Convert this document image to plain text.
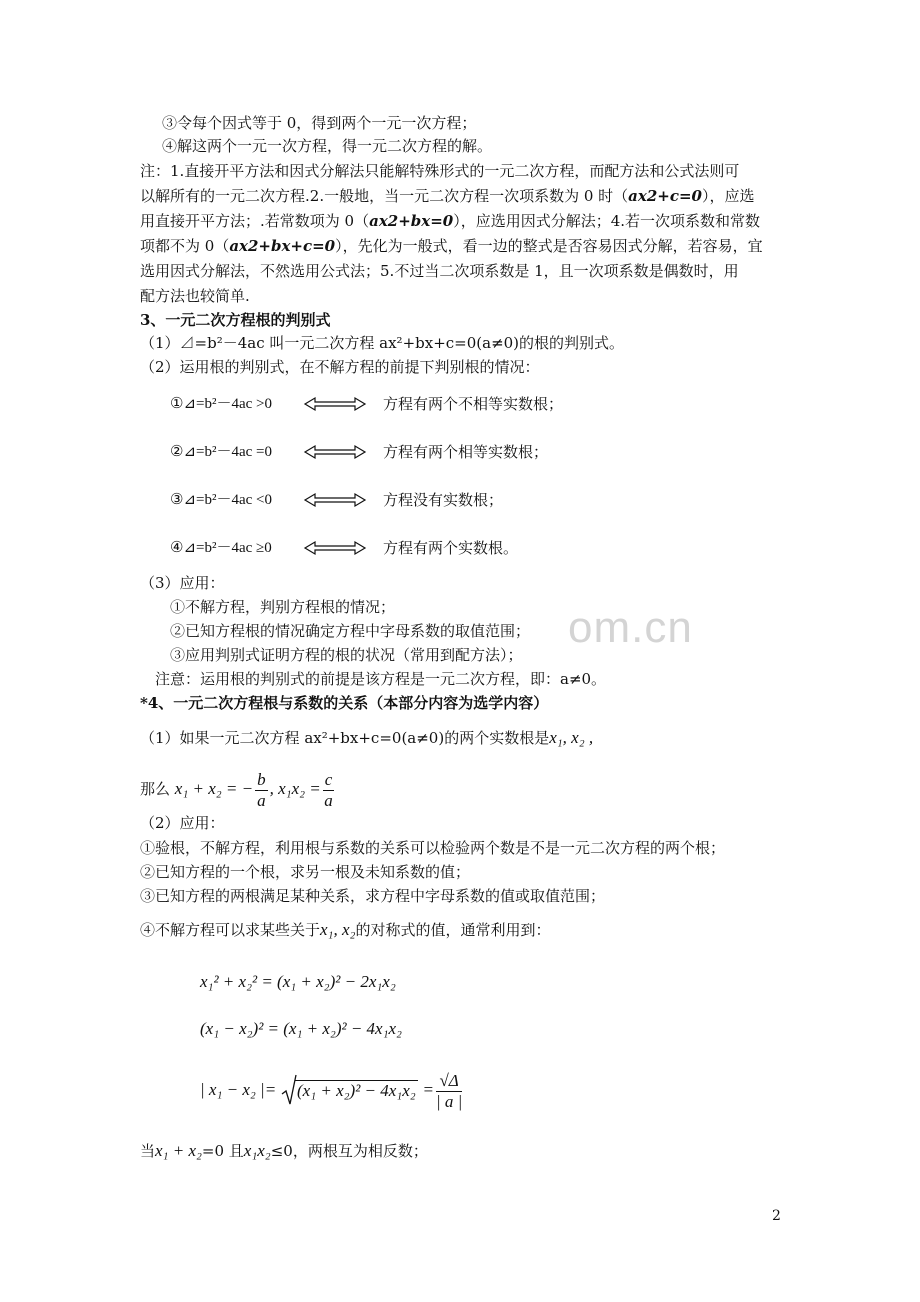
om.cn
③令每个因式等于 0，得到两个一元一次方程；
④解这两个一元一次方程，得一元二次方程的解。
注：1.直接开平方法和因式分解法只能解特殊形式的一元二次方程，而配方法和公式法则可
以解所有的一元二次方程.2.一般地，当一元二次方程一次项系数为 0 时（ax2+c=0），应选
用直接开平方法；.若常数项为 0（ax2+bx=0），应选用因式分解法；4.若一次项系数和常数
项都不为 0（ax2+bx+c=0），先化为一般式，看一边的整式是否容易因式分解，若容易，宜
选用因式分解法，不然选用公式法；5.不过当二次项系数是 1，且一次项系数是偶数时，用
配方法也较简单.
3、一元二次方程根的判别式
（1）⊿=b²－4ac 叫一元二次方程 ax²+bx+c=0(a≠0)的根的判别式。
（2）运用根的判别式，在不解方程的前提下判别根的情况：
①⊿=b²－4ac >0	方程有两个不相等实数根；
②⊿=b²－4ac =0	方程有两个相等实数根；
③⊿=b²－4ac <0	方程没有实数根；
④⊿=b²－4ac ≥0	方程有两个实数根。
（3）应用：
①不解方程，判别方程根的情况；
②已知方程根的情况确定方程中字母系数的取值范围；
③应用判别式证明方程的根的状况（常用到配方法）；
注意：运用根的判别式的前提是该方程是一元二次方程，即：a≠0。
*4、一元二次方程根与系数的关系（本部分内容为选学内容）
（1）如果一元二次方程 ax²+bx+c=0(a≠0)的两个实数根是x₁, x₂ ,
那么 x₁ + x₂ = − $\frac{b}{a}$ , $x_1x_2 = \frac{c}{a}$
（2）应用：
①验根，不解方程，利用根与系数的关系可以检验两个数是不是一元二次方程的两个根；
②已知方程的一个根，求另一根及未知系数的值；
③已知方程的两根满足某种关系，求方程中字母系数的值或取值范围；
④不解方程可以求某些关于x₁, x₂的对称式的值，通常利用到：
x₁² + x₂² = (x₁ + x₂)² − 2x₁x₂
(x₁ − x₂)² = (x₁ + x₂)² − 4x₁x₂
| x₁ − x₂ |= $(x_1 + x_2)^2 - 4x_1x_2 = \frac{√\Delta}{| a |}$
当x₁ + x₂=0 且x₁x₂≤0，两根互为相反数；
2
